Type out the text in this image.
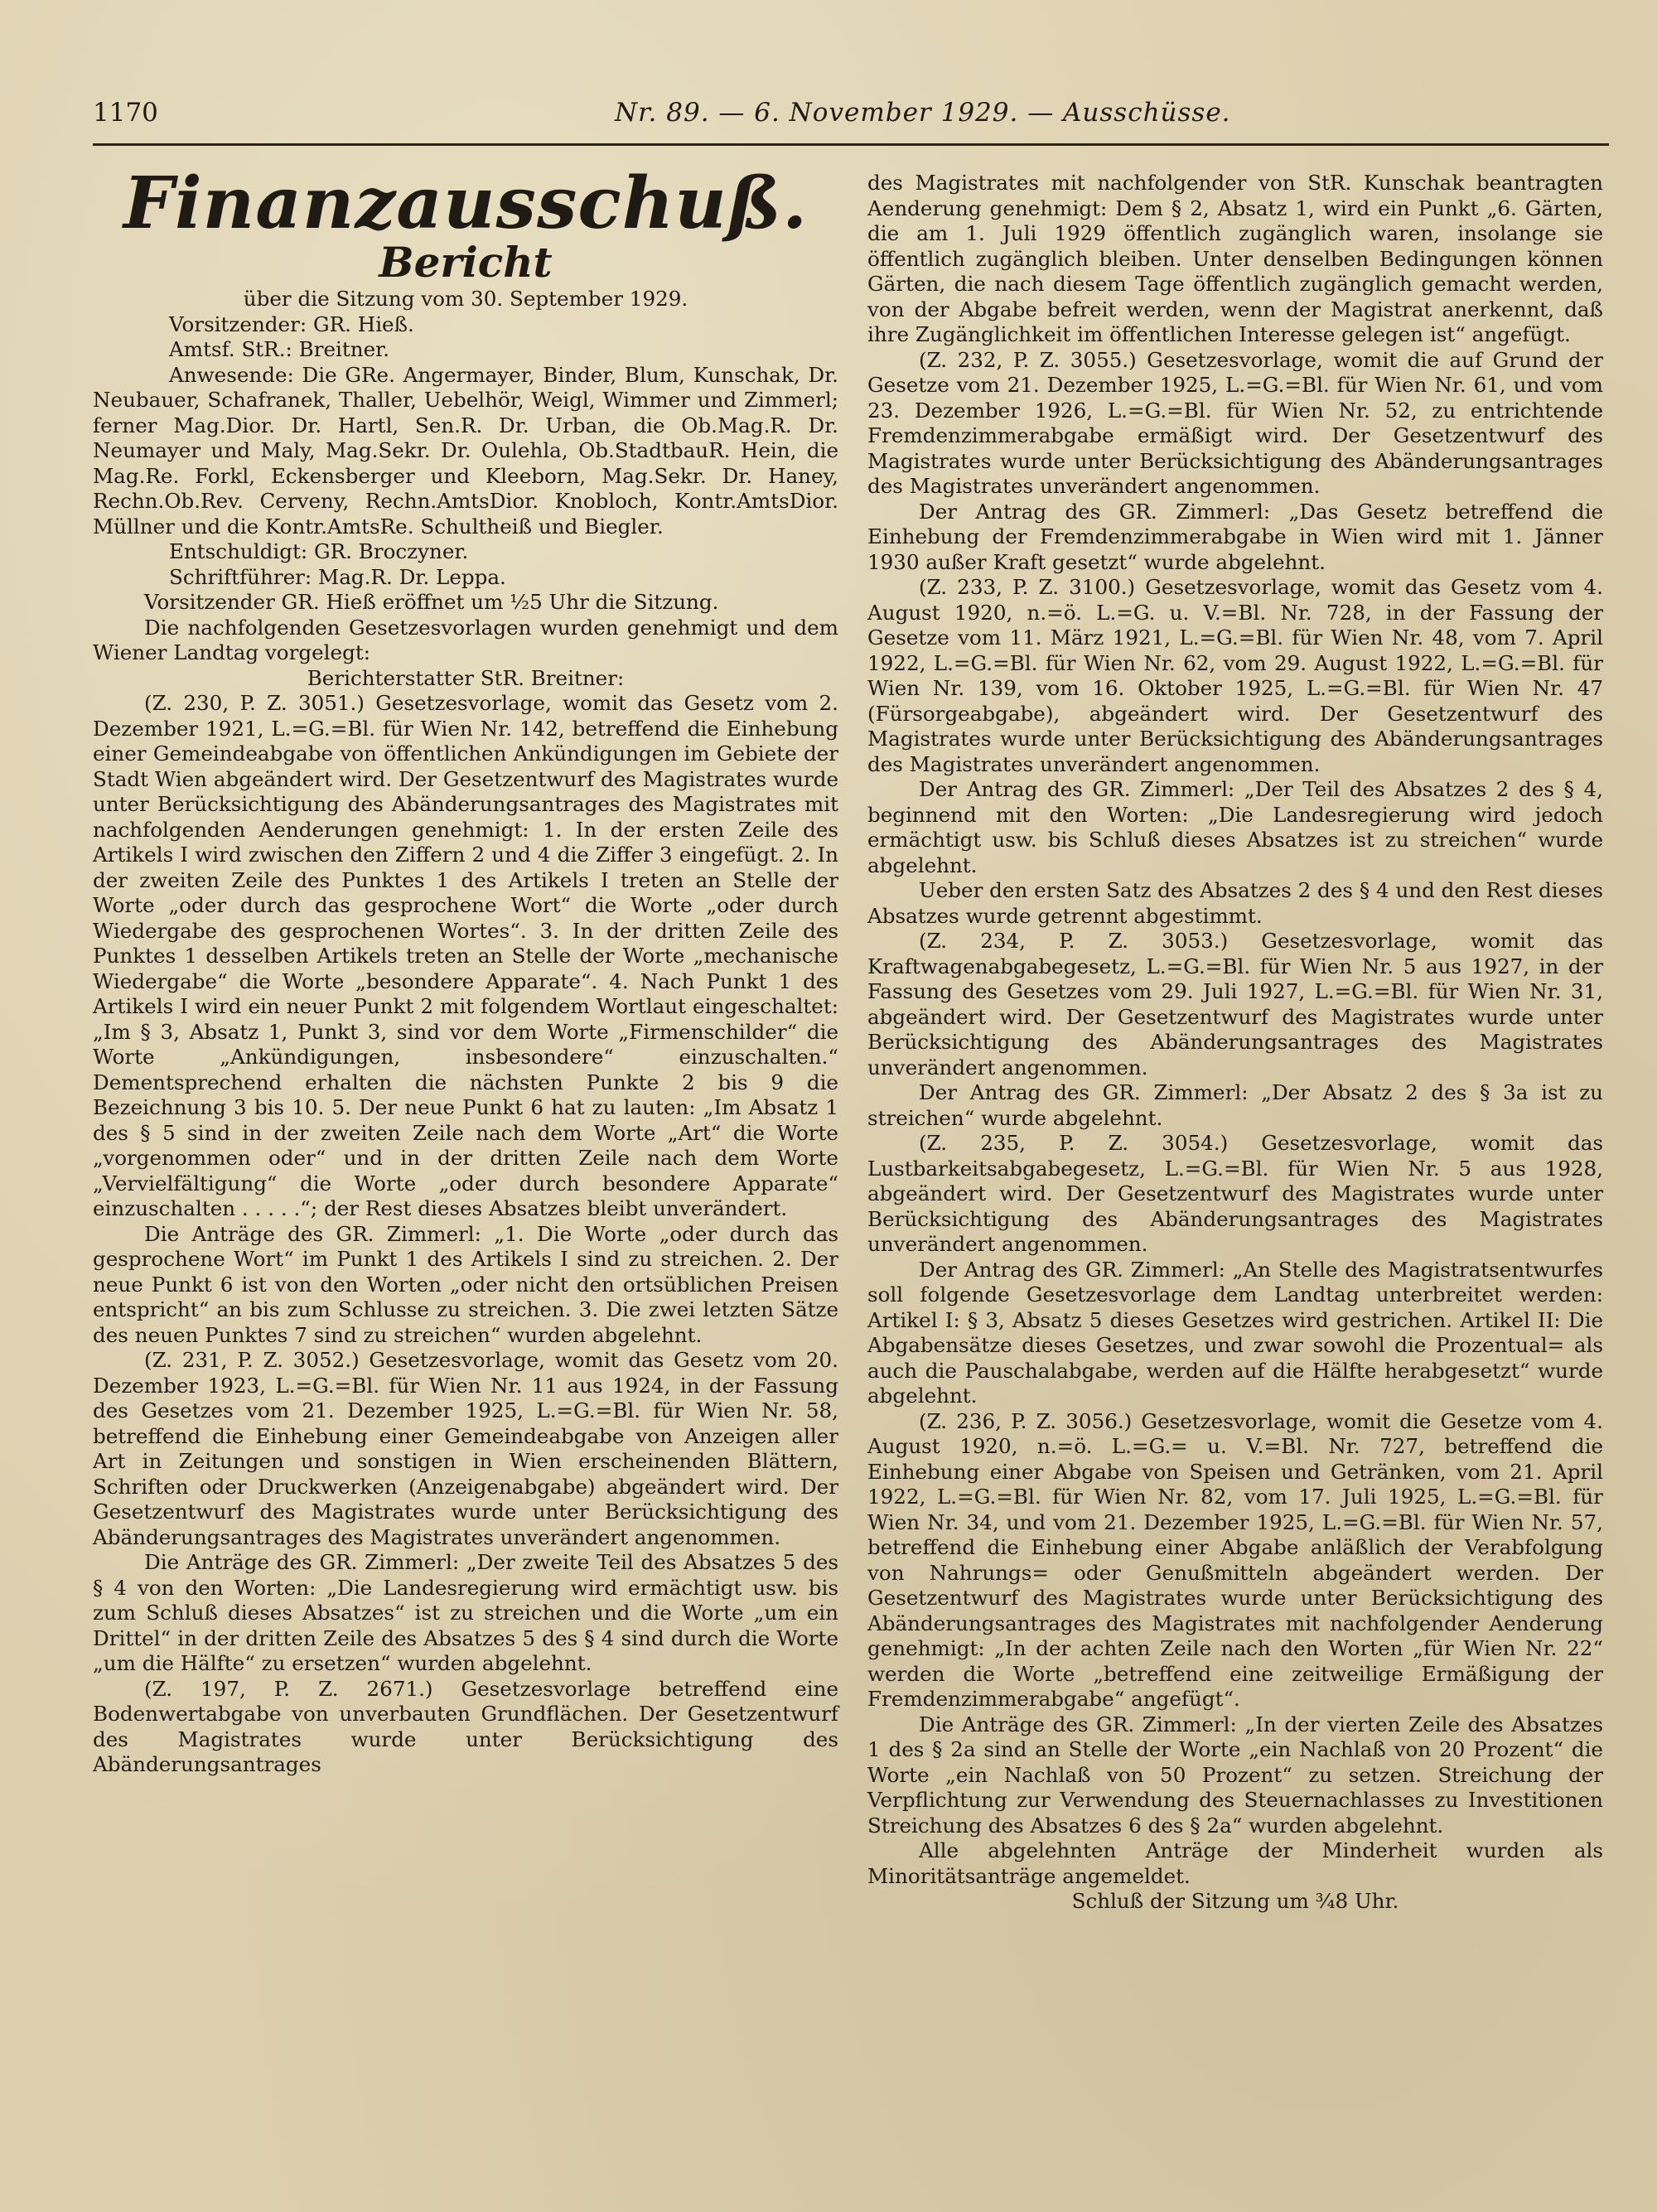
1170	Nr. 89. — 6. November 1929. — Ausschüsse.
Finanzausschuß.
Bericht

über die Sitzung vom 30. September 1929.

Vorsitzender: GR. Hieß.

Amtsf. StR.: Breitner.

Anwesende: Die GRe. Angermayer, Binder, Blum, Kunschak, Dr. Neubauer, Schafranek, Thaller, Uebelhör, Weigl, Wimmer und Zimmerl; ferner Mag.Dior. Dr. Hartl, Sen.R. Dr. Urban, die Ob.Mag.R. Dr. Neumayer und Maly, Mag.Sekr. Dr. Oulehla, Ob.StadtbauR. Hein, die Mag.Re. Forkl, Eckensberger und Kleeborn, Mag.Sekr. Dr. Haney, Rechn.Ob.Rev. Cerveny, Rechn.AmtsDior. Knobloch, Kontr.AmtsDior. Müllner und die Kontr.AmtsRe. Schultheiß und Biegler.

Entschuldigt: GR. Broczyner.

Schriftführer: Mag.R. Dr. Leppa.

Vorsitzender GR. Hieß eröffnet um ½5 Uhr die Sitzung.

Die nachfolgenden Gesetzesvorlagen wurden genehmigt und dem Wiener Landtag vorgelegt:

Berichterstatter StR. Breitner:

(Z. 230, P. Z. 3051.) Gesetzesvorlage, womit das Gesetz vom 2. Dezember 1921, L.=G.=Bl. für Wien Nr. 142, betreffend die Einhebung einer Gemeindeabgabe von öffentlichen Ankündigungen im Gebiete der Stadt Wien abgeändert wird. Der Gesetzentwurf des Magistrates wurde unter Berücksichtigung des Abänderungsantrages des Magistrates mit nachfolgenden Aenderungen genehmigt: 1. In der ersten Zeile des Artikels I wird zwischen den Ziffern 2 und 4 die Ziffer 3 eingefügt. 2. In der zweiten Zeile des Punktes 1 des Artikels I treten an Stelle der Worte „oder durch das gesprochene Wort“ die Worte „oder durch Wiedergabe des gesprochenen Wortes“. 3. In der dritten Zeile des Punktes 1 desselben Artikels treten an Stelle der Worte „mechanische Wiedergabe“ die Worte „besondere Apparate“. 4. Nach Punkt 1 des Artikels I wird ein neuer Punkt 2 mit folgendem Wortlaut eingeschaltet: „Im § 3, Absatz 1, Punkt 3, sind vor dem Worte „Firmenschilder“ die Worte „Ankündigungen, insbesondere“ einzuschalten.“ Dementsprechend erhalten die nächsten Punkte 2 bis 9 die Bezeichnung 3 bis 10. 5. Der neue Punkt 6 hat zu lauten: „Im Absatz 1 des § 5 sind in der zweiten Zeile nach dem Worte „Art“ die Worte „vorgenommen oder“ und in der dritten Zeile nach dem Worte „Vervielfältigung“ die Worte „oder durch besondere Apparate“ einzuschalten . . . . .“; der Rest dieses Absatzes bleibt unverändert.

Die Anträge des GR. Zimmerl: „1. Die Worte „oder durch das gesprochene Wort“ im Punkt 1 des Artikels I sind zu streichen. 2. Der neue Punkt 6 ist von den Worten „oder nicht den ortsüblichen Preisen entspricht“ an bis zum Schlusse zu streichen. 3. Die zwei letzten Sätze des neuen Punktes 7 sind zu streichen“ wurden abgelehnt.

(Z. 231, P. Z. 3052.) Gesetzesvorlage, womit das Gesetz vom 20. Dezember 1923, L.=G.=Bl. für Wien Nr. 11 aus 1924, in der Fassung des Gesetzes vom 21. Dezember 1925, L.=G.=Bl. für Wien Nr. 58, betreffend die Einhebung einer Gemeindeabgabe von Anzeigen aller Art in Zeitungen und sonstigen in Wien erscheinenden Blättern, Schriften oder Druckwerken (Anzeigenabgabe) abgeändert wird. Der Gesetzentwurf des Magistrates wurde unter Berücksichtigung des Abänderungsantrages des Magistrates unverändert angenommen.

Die Anträge des GR. Zimmerl: „Der zweite Teil des Absatzes 5 des § 4 von den Worten: „Die Landesregierung wird ermächtigt usw. bis zum Schluß dieses Absatzes“ ist zu streichen und die Worte „um ein Drittel“ in der dritten Zeile des Absatzes 5 des § 4 sind durch die Worte „um die Hälfte“ zu ersetzen“ wurden abgelehnt.

(Z. 197, P. Z. 2671.) Gesetzesvorlage betreffend eine Bodenwertabgabe von unverbauten Grundflächen. Der Gesetzentwurf des Magistrates wurde unter Berücksichtigung des Abänderungsantrages

des Magistrates mit nachfolgender von StR. Kunschak beantragten Aenderung genehmigt: Dem § 2, Absatz 1, wird ein Punkt „6. Gärten, die am 1. Juli 1929 öffentlich zugänglich waren, insolange sie öffentlich zugänglich bleiben. Unter denselben Bedingungen können Gärten, die nach diesem Tage öffentlich zugänglich gemacht werden, von der Abgabe befreit werden, wenn der Magistrat anerkennt, daß ihre Zugänglichkeit im öffentlichen Interesse gelegen ist“ angefügt.

(Z. 232, P. Z. 3055.) Gesetzesvorlage, womit die auf Grund der Gesetze vom 21. Dezember 1925, L.=G.=Bl. für Wien Nr. 61, und vom 23. Dezember 1926, L.=G.=Bl. für Wien Nr. 52, zu entrichtende Fremdenzimmerabgabe ermäßigt wird. Der Gesetzentwurf des Magistrates wurde unter Berücksichtigung des Abänderungsantrages des Magistrates unverändert angenommen.

Der Antrag des GR. Zimmerl: „Das Gesetz betreffend die Einhebung der Fremdenzimmerabgabe in Wien wird mit 1. Jänner 1930 außer Kraft gesetzt“ wurde abgelehnt.

(Z. 233, P. Z. 3100.) Gesetzesvorlage, womit das Gesetz vom 4. August 1920, n.=ö. L.=G. u. V.=Bl. Nr. 728, in der Fassung der Gesetze vom 11. März 1921, L.=G.=Bl. für Wien Nr. 48, vom 7. April 1922, L.=G.=Bl. für Wien Nr. 62, vom 29. August 1922, L.=G.=Bl. für Wien Nr. 139, vom 16. Oktober 1925, L.=G.=Bl. für Wien Nr. 47 (Fürsorgeabgabe), abgeändert wird. Der Gesetzentwurf des Magistrates wurde unter Berücksichtigung des Abänderungsantrages des Magistrates unverändert angenommen.

Der Antrag des GR. Zimmerl: „Der Teil des Absatzes 2 des § 4, beginnend mit den Worten: „Die Landesregierung wird jedoch ermächtigt usw. bis Schluß dieses Absatzes ist zu streichen“ wurde abgelehnt.

Ueber den ersten Satz des Absatzes 2 des § 4 und den Rest dieses Absatzes wurde getrennt abgestimmt.

(Z. 234, P. Z. 3053.) Gesetzesvorlage, womit das Kraftwagenabgabegesetz, L.=G.=Bl. für Wien Nr. 5 aus 1927, in der Fassung des Gesetzes vom 29. Juli 1927, L.=G.=Bl. für Wien Nr. 31, abgeändert wird. Der Gesetzentwurf des Magistrates wurde unter Berücksichtigung des Abänderungsantrages des Magistrates unverändert angenommen.

Der Antrag des GR. Zimmerl: „Der Absatz 2 des § 3a ist zu streichen“ wurde abgelehnt.

(Z. 235, P. Z. 3054.) Gesetzesvorlage, womit das Lustbarkeitsabgabegesetz, L.=G.=Bl. für Wien Nr. 5 aus 1928, abgeändert wird. Der Gesetzentwurf des Magistrates wurde unter Berücksichtigung des Abänderungsantrages des Magistrates unverändert angenommen.

Der Antrag des GR. Zimmerl: „An Stelle des Magistratsentwurfes soll folgende Gesetzesvorlage dem Landtag unterbreitet werden: Artikel I: § 3, Absatz 5 dieses Gesetzes wird gestrichen. Artikel II: Die Abgabensätze dieses Gesetzes, und zwar sowohl die Prozentual= als auch die Pauschalabgabe, werden auf die Hälfte herabgesetzt“ wurde abgelehnt.

(Z. 236, P. Z. 3056.) Gesetzesvorlage, womit die Gesetze vom 4. August 1920, n.=ö. L.=G.= u. V.=Bl. Nr. 727, betreffend die Einhebung einer Abgabe von Speisen und Getränken, vom 21. April 1922, L.=G.=Bl. für Wien Nr. 82, vom 17. Juli 1925, L.=G.=Bl. für Wien Nr. 34, und vom 21. Dezember 1925, L.=G.=Bl. für Wien Nr. 57, betreffend die Einhebung einer Abgabe anläßlich der Verabfolgung von Nahrungs= oder Genußmitteln abgeändert werden. Der Gesetzentwurf des Magistrates wurde unter Berücksichtigung des Abänderungsantrages des Magistrates mit nachfolgender Aenderung genehmigt: „In der achten Zeile nach den Worten „für Wien Nr. 22“ werden die Worte „betreffend eine zeitweilige Ermäßigung der Fremdenzimmerabgabe“ angefügt“.

Die Anträge des GR. Zimmerl: „In der vierten Zeile des Absatzes 1 des § 2a sind an Stelle der Worte „ein Nachlaß von 20 Prozent“ die Worte „ein Nachlaß von 50 Prozent“ zu setzen. Streichung der Verpflichtung zur Verwendung des Steuernachlasses zu Investitionen Streichung des Absatzes 6 des § 2a“ wurden abgelehnt.

Alle abgelehnten Anträge der Minderheit wurden als Minoritätsanträge angemeldet.

Schluß der Sitzung um ¾8 Uhr.
